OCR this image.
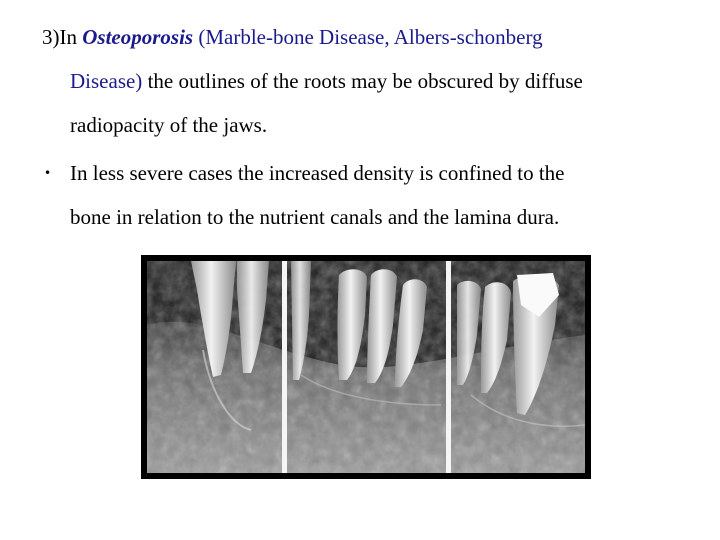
3)In Osteoporosis (Marble-bone Disease, Albers-schonberg
Disease) the outlines of the roots may be obscured by diffuse
radiopacity of the jaws.
• In less severe cases the increased density is confined to the
bone in relation to the nutrient canals and the lamina dura.
